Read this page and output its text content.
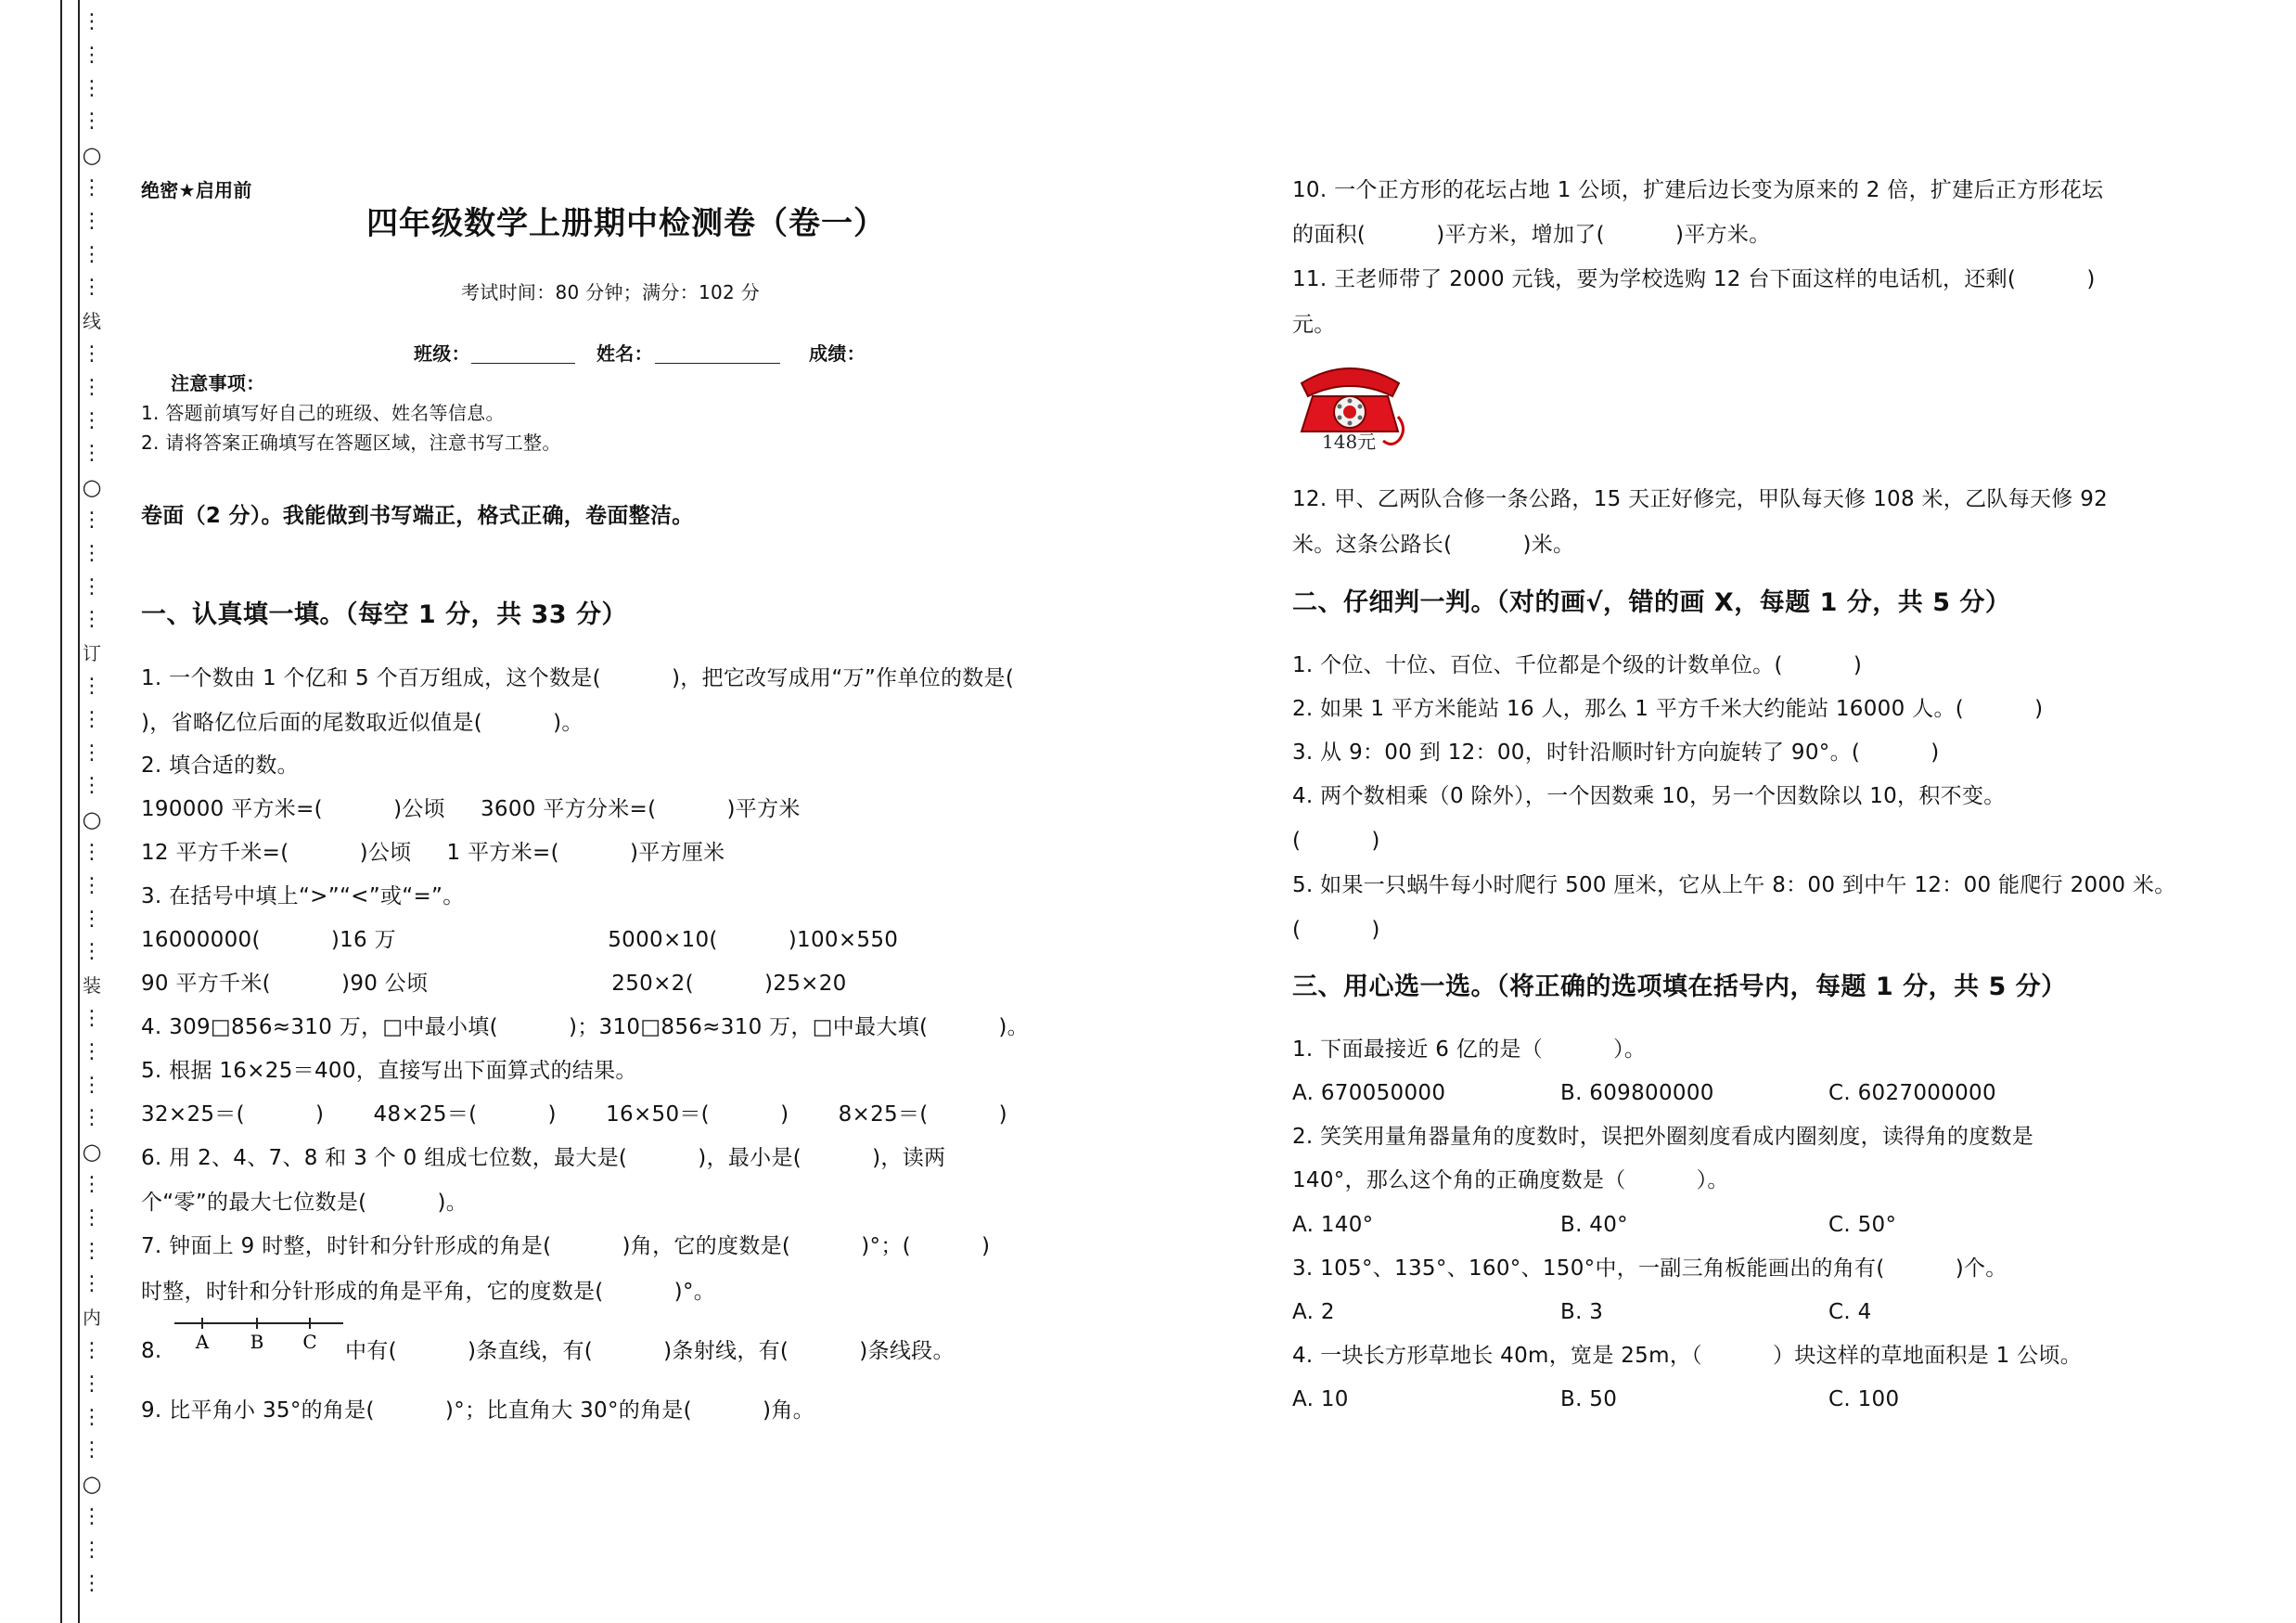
⋮
⋮
⋮
⋮
○
⋮
⋮
⋮
⋮
线
⋮
⋮
⋮
⋮
○
⋮
⋮
⋮
⋮
订
⋮
⋮
⋮
⋮
○
⋮
⋮
⋮
⋮
装
⋮
⋮
⋮
⋮
○
⋮
⋮
⋮
⋮
内
⋮
⋮
⋮
⋮
○
⋮
⋮
⋮
绝密★启用前
四年级数学上册期中检测卷（卷一）
考试时间：80 分钟；满分：102 分
班级：	姓名：	成绩：
注意事项：
1. 答题前填写好自己的班级、姓名等信息。
2. 请将答案正确填写在答题区域，注意书写工整。
卷面（2 分）。我能做到书写端正，格式正确，卷面整洁。
一、认真填一填。（每空 1 分，共 33 分）
1. 一个数由 1 个亿和 5 个百万组成，这个数是(          )，把它改写成用“万”作单位的数是(
)，省略亿位后面的尾数取近似值是(          )。
2. 填合适的数。
190000 平方米=(          )公顷     3600 平方分米=(          )平方米
12 平方千米=(          )公顷     1 平方米=(          )平方厘米
3. 在括号中填上“>”“<”或“=”。
16000000(          )16 万                              5000×10(          )100×550
90 平方千米(          )90 公顷                          250×2(          )25×20
4. 309□856≈310 万，□中最小填(          )；310□856≈310 万，□中最大填(          )。
5. 根据 16×25＝400，直接写出下面算式的结果。
32×25＝(          )       48×25＝(          )       16×50＝(          )       8×25＝(          )
6. 用 2、4、7、8 和 3 个 0 组成七位数，最大是(          )，最小是(          )，读两
个“零”的最大七位数是(          )。
7. 钟面上 9 时整，时针和分针形成的角是(          )角，它的度数是(          )°；(          )
时整，时针和分针形成的角是平角，它的度数是(          )°。
8. A B C 中有(          )条直线，有(          )条射线，有(          )条线段。
9. 比平角小 35°的角是(          )°；比直角大 30°的角是(          )角。
10. 一个正方形的花坛占地 1 公顷，扩建后边长变为原来的 2 倍，扩建后正方形花坛
的面积(          )平方米，增加了(          )平方米。
11. 王老师带了 2000 元钱，要为学校选购 12 台下面这样的电话机，还剩(          )
元。
148元
12. 甲、乙两队合修一条公路，15 天正好修完，甲队每天修 108 米，乙队每天修 92
米。这条公路长(          )米。
二、仔细判一判。（对的画√，错的画 X，每题 1 分，共 5 分）
1. 个位、十位、百位、千位都是个级的计数单位。(          )
2. 如果 1 平方米能站 16 人，那么 1 平方千米大约能站 16000 人。(          )
3. 从 9：00 到 12：00，时针沿顺时针方向旋转了 90°。(          )
4. 两个数相乘（0 除外），一个因数乘 10，另一个因数除以 10，积不变。
(          )
5. 如果一只蜗牛每小时爬行 500 厘米，它从上午 8：00 到中午 12：00 能爬行 2000 米。
(          )
三、用心选一选。（将正确的选项填在括号内，每题 1 分，共 5 分）
1. 下面最接近 6 亿的是（          ）。
A. 670050000	B. 609800000	C. 6027000000
2. 笑笑用量角器量角的度数时，误把外圈刻度看成内圈刻度，读得角的度数是
140°，那么这个角的正确度数是（          ）。
A. 140°	B. 40°	C. 50°
3. 105°、135°、160°、150°中，一副三角板能画出的角有(          )个。
A. 2	B. 3	C. 4
4. 一块长方形草地长 40m，宽是 25m，（          ）块这样的草地面积是 1 公顷。
A. 10	B. 50	C. 100
